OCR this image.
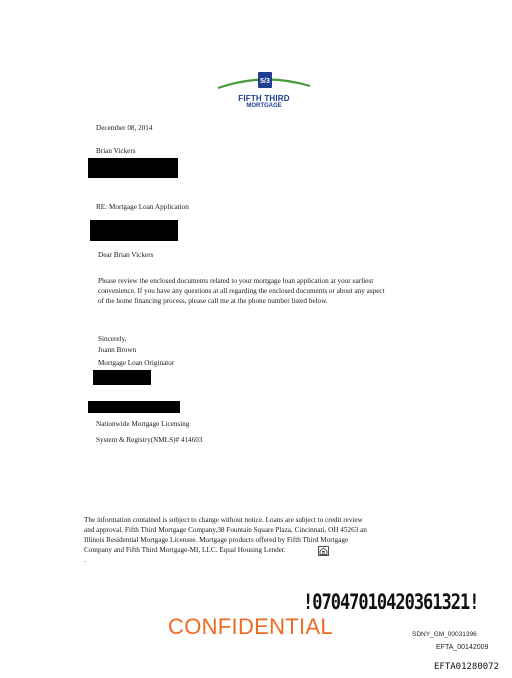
5/3
FIFTH THIRD
MORTGAGE
December 08, 2014
Brian Vickers
RE: Mortgage Loan Application
Dear Brian Vickers
Please review the enclosed documents related to your mortgage loan application at your earliest
convenience. If you have any questions at all regarding the enclosed documents or about any aspect
of the home financing process, please call me at the phone number listed below.
Sincerely,
Joann Brown
Mortgage Loan Originator
Nationwide Mortgage Licensing
System & Registry(NMLS)# 414603
The information contained is subject to change without notice. Loans are subject to credit review
and approval. Fifth Third Mortgage Company,38 Fountain Square Plaza, Cincinnati, OH 45263 an
Illinois Residential Mortgage Licensee. Mortgage products offered by Fifth Third Mortgage
Company and Fifth Third Mortgage-MI, LLC. Equal Housing Lender.
.
!07047010420361321!
CONFIDENTIAL	SDNY_GM_00031396
EFTA_00142009
EFTA01280072
